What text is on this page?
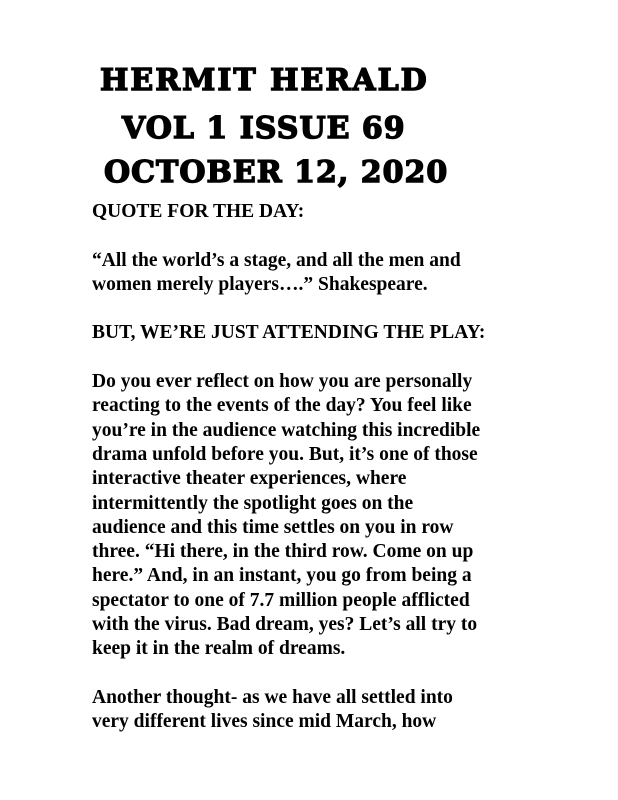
HERMIT HERALD
VOL 1 ISSUE 69
OCTOBER 12, 2020

QUOTE FOR THE DAY:

“All the world’s a stage, and all the men and
women merely players….” Shakespeare.

BUT, WE’RE JUST ATTENDING THE PLAY:

Do you ever reflect on how you are personally
reacting to the events of the day? You feel like
you’re in the audience watching this incredible
drama unfold before you. But, it’s one of those
interactive theater experiences, where
intermittently the spotlight goes on the
audience and this time settles on you in row
three. “Hi there, in the third row. Come on up
here.” And, in an instant, you go from being a
spectator to one of 7.7 million people afflicted
with the virus. Bad dream, yes? Let’s all try to
keep it in the realm of dreams.

Another thought- as we have all settled into
very different lives since mid March, how
